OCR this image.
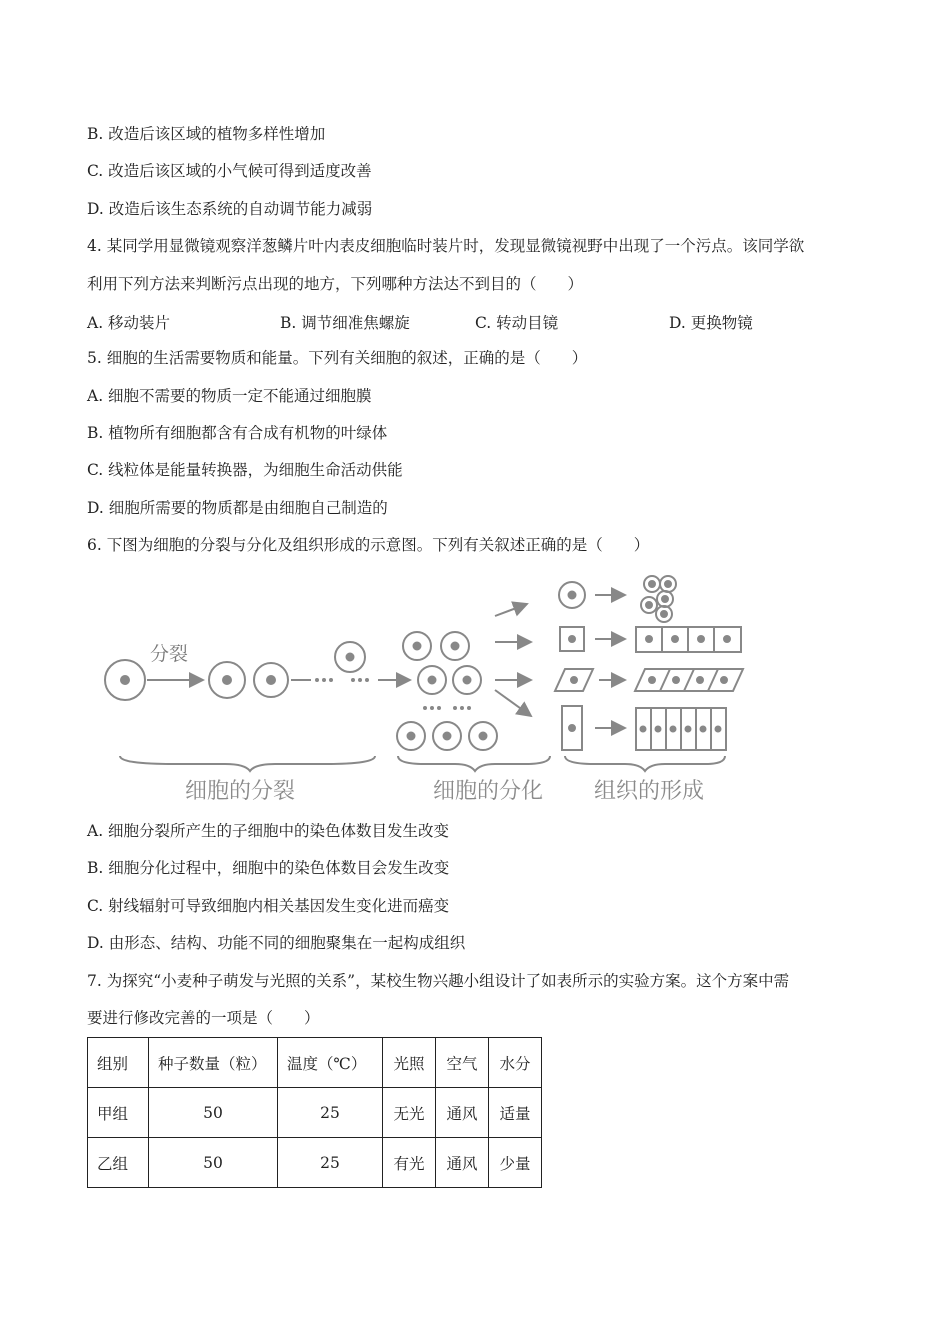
B. 改造后该区域的植物多样性增加
C. 改造后该区域的小气候可得到适度改善
D. 改造后该生态系统的自动调节能力减弱
4. 某同学用显微镜观察洋葱鳞片叶内表皮细胞临时装片时，发现显微镜视野中出现了一个污点。该同学欲
利用下列方法来判断污点出现的地方，下列哪种方法达不到目的（　　）
A. 移动装片	B. 调节细准焦螺旋	C. 转动目镜	D. 更换物镜
5. 细胞的生活需要物质和能量。下列有关细胞的叙述，正确的是（　　）
A. 细胞不需要的物质一定不能通过细胞膜
B. 植物所有细胞都含有合成有机物的叶绿体
C. 线粒体是能量转换器，为细胞生命活动供能
D. 细胞所需要的物质都是由细胞自己制造的
6. 下图为细胞的分裂与分化及组织形成的示意图。下列有关叙述正确的是（　　）
分裂
细胞的分裂	细胞的分化 组织的形成
A. 细胞分裂所产生的子细胞中的染色体数目发生改变
B. 细胞分化过程中，细胞中的染色体数目会发生改变
C. 射线辐射可导致细胞内相关基因发生变化进而癌变
D. 由形态、结构、功能不同的细胞聚集在一起构成组织
7. 为探究“小麦种子萌发与光照的关系”，某校生物兴趣小组设计了如表所示的实验方案。这个方案中需
要进行修改完善的一项是（　　）
组别	种子数量（粒）	温度（℃）	光照	空气	水分
甲组	50	25	无光	通风	适量
乙组	50	25	有光	通风	少量
